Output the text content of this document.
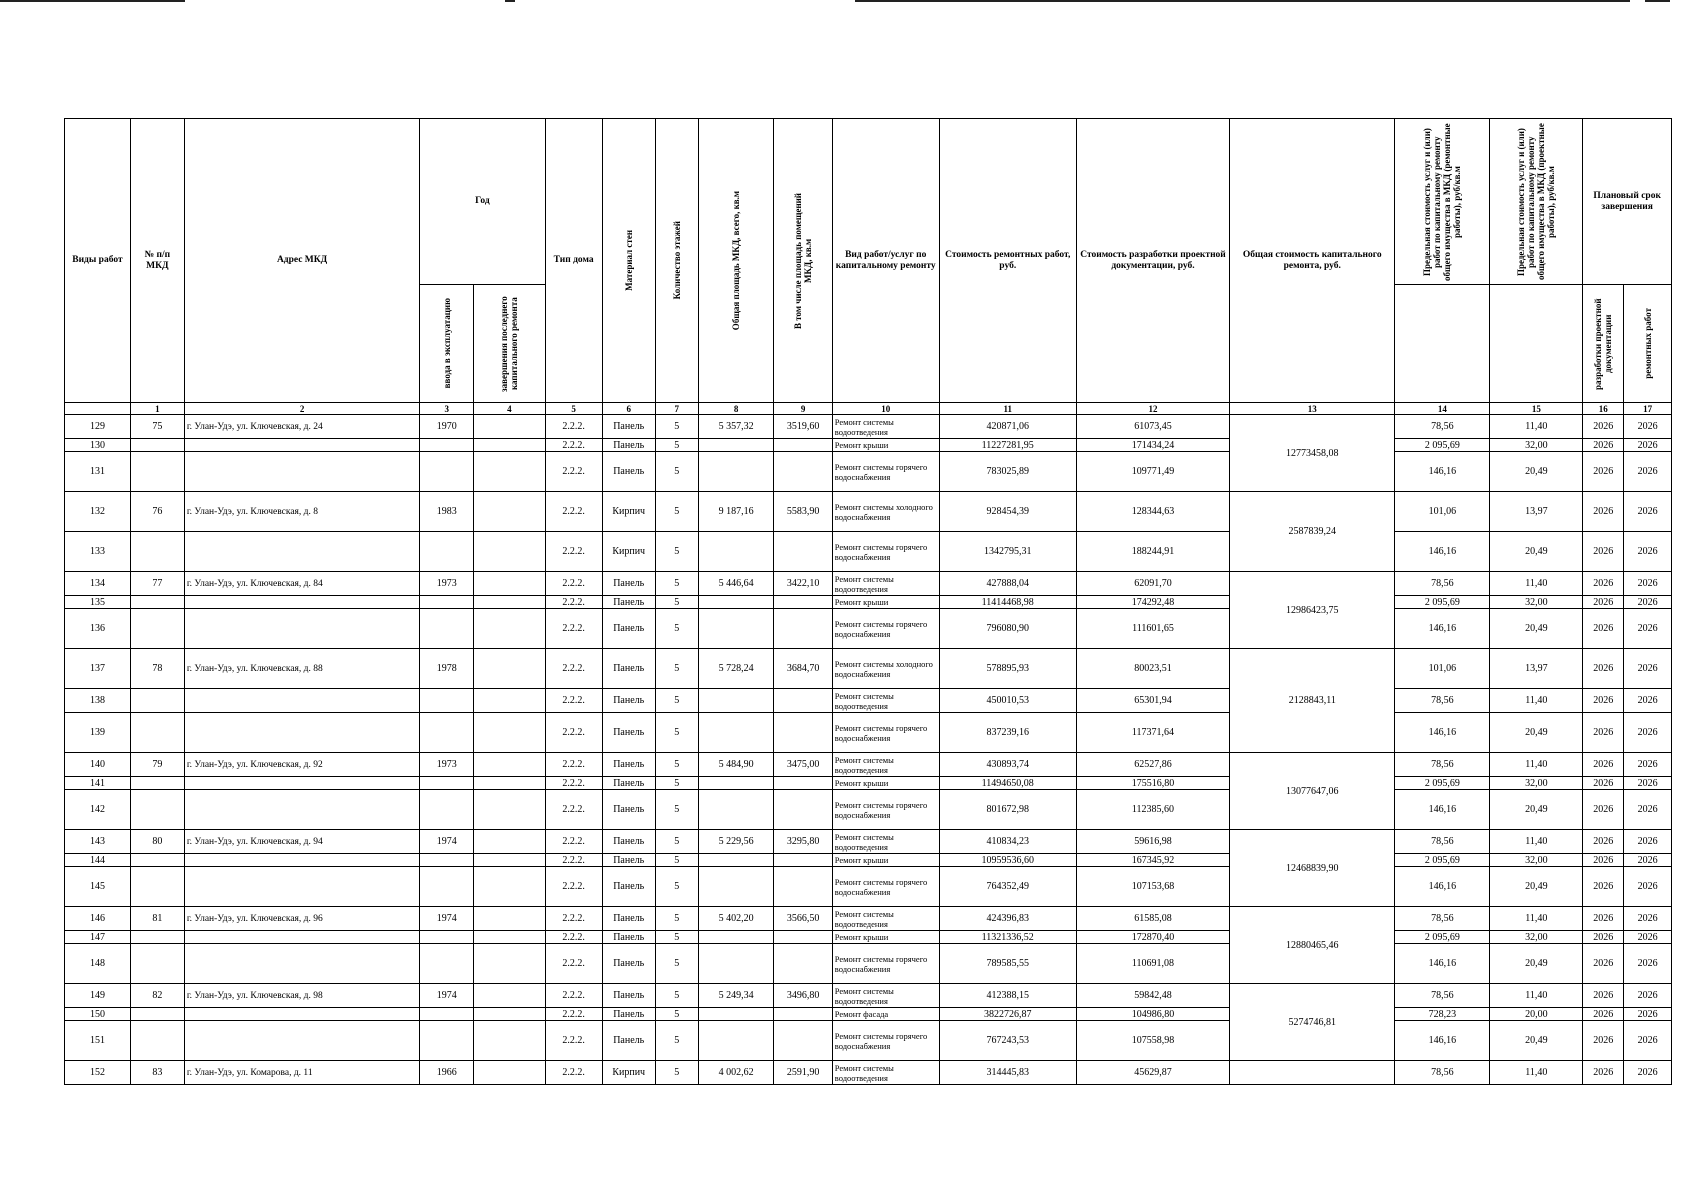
Виды работ	№ п/п МКД	Адрес МКД	Год		Тип дома	Материал стен	Количество этажей	Общая площадь МКД, всего, кв.м	В том числе площадь помещений МКД, кв.м	Вид работ/услуг по капитальному ремонту	Стоимость ремонтных работ, руб.	Стоимость разработки проектной документации, руб.	Общая стоимость капитального ремонта, руб.	Предельная стоимость услуг и (или) работ по капитальному ремонту общего имущества в МКД (ремонтные работы), руб/кв.м	Предельная стоимость услуг и (или) работ по капитальному ремонту общего имущества в МКД (проектные работы), руб/кв.м	Плановый срок завершения	

			ввода в эксплуатацию	завершения последнего капитального ремонта												разработки проектной документации	ремонтных работ

	1	2	3	4	5	6	7	8	9	10	11	12	13	14	15	16	17
129	75	г. Улан-Удэ, ул. Ключевская, д. 24	1970		2.2.2.	Панель	5	5 357,32	3519,60	Ремонт системы водоотведения	420871,06	61073,45	12773458,08	78,56	11,40	2026	2026
130					2.2.2.	Панель	5			Ремонт крыши	11227281,95	171434,24		2 095,69	32,00	2026	2026
131					2.2.2.	Панель	5			Ремонт системы горячего водоснабжения	783025,89	109771,49		146,16	20,49	2026	2026
132	76	г. Улан-Удэ, ул. Ключевская, д. 8	1983		2.2.2.	Кирпич	5	9 187,16	5583,90	Ремонт системы холодного водоснабжения	928454,39	128344,63	2587839,24	101,06	13,97	2026	2026
133					2.2.2.	Кирпич	5			Ремонт системы горячего водоснабжения	1342795,31	188244,91		146,16	20,49	2026	2026
134	77	г. Улан-Удэ, ул. Ключевская, д. 84	1973		2.2.2.	Панель	5	5 446,64	3422,10	Ремонт системы водоотведения	427888,04	62091,70	12986423,75	78,56	11,40	2026	2026
135					2.2.2.	Панель	5			Ремонт крыши	11414468,98	174292,48		2 095,69	32,00	2026	2026
136					2.2.2.	Панель	5			Ремонт системы горячего водоснабжения	796080,90	111601,65		146,16	20,49	2026	2026
137	78	г. Улан-Удэ, ул. Ключевская, д. 88	1978		2.2.2.	Панель	5	5 728,24	3684,70	Ремонт системы холодного водоснабжения	578895,93	80023,51	2128843,11	101,06	13,97	2026	2026
138					2.2.2.	Панель	5			Ремонт системы водоотведения	450010,53	65301,94		78,56	11,40	2026	2026
139					2.2.2.	Панель	5			Ремонт системы горячего водоснабжения	837239,16	117371,64		146,16	20,49	2026	2026
140	79	г. Улан-Удэ, ул. Ключевская, д. 92	1973		2.2.2.	Панель	5	5 484,90	3475,00	Ремонт системы водоотведения	430893,74	62527,86	13077647,06	78,56	11,40	2026	2026
141					2.2.2.	Панель	5			Ремонт крыши	11494650,08	175516,80		2 095,69	32,00	2026	2026
142					2.2.2.	Панель	5			Ремонт системы горячего водоснабжения	801672,98	112385,60		146,16	20,49	2026	2026
143	80	г. Улан-Удэ, ул. Ключевская, д. 94	1974		2.2.2.	Панель	5	5 229,56	3295,80	Ремонт системы водоотведения	410834,23	59616,98	12468839,90	78,56	11,40	2026	2026
144					2.2.2.	Панель	5			Ремонт крыши	10959536,60	167345,92		2 095,69	32,00	2026	2026
145					2.2.2.	Панель	5			Ремонт системы горячего водоснабжения	764352,49	107153,68		146,16	20,49	2026	2026
146	81	г. Улан-Удэ, ул. Ключевская, д. 96	1974		2.2.2.	Панель	5	5 402,20	3566,50	Ремонт системы водоотведения	424396,83	61585,08	12880465,46	78,56	11,40	2026	2026
147					2.2.2.	Панель	5			Ремонт крыши	11321336,52	172870,40		2 095,69	32,00	2026	2026
148					2.2.2.	Панель	5			Ремонт системы горячего водоснабжения	789585,55	110691,08		146,16	20,49	2026	2026
149	82	г. Улан-Удэ, ул. Ключевская, д. 98	1974		2.2.2.	Панель	5	5 249,34	3496,80	Ремонт системы водоотведения	412388,15	59842,48	5274746,81	78,56	11,40	2026	2026
150					2.2.2.	Панель	5			Ремонт фасада	3822726,87	104986,80		728,23	20,00	2026	2026
151					2.2.2.	Панель	5			Ремонт системы горячего водоснабжения	767243,53	107558,98		146,16	20,49	2026	2026
152	83	г. Улан-Удэ, ул. Комарова, д. 11	1966		2.2.2.	Кирпич	5	4 002,62	2591,90	Ремонт системы водоотведения	314445,83	45629,87		78,56	11,40	2026	2026
